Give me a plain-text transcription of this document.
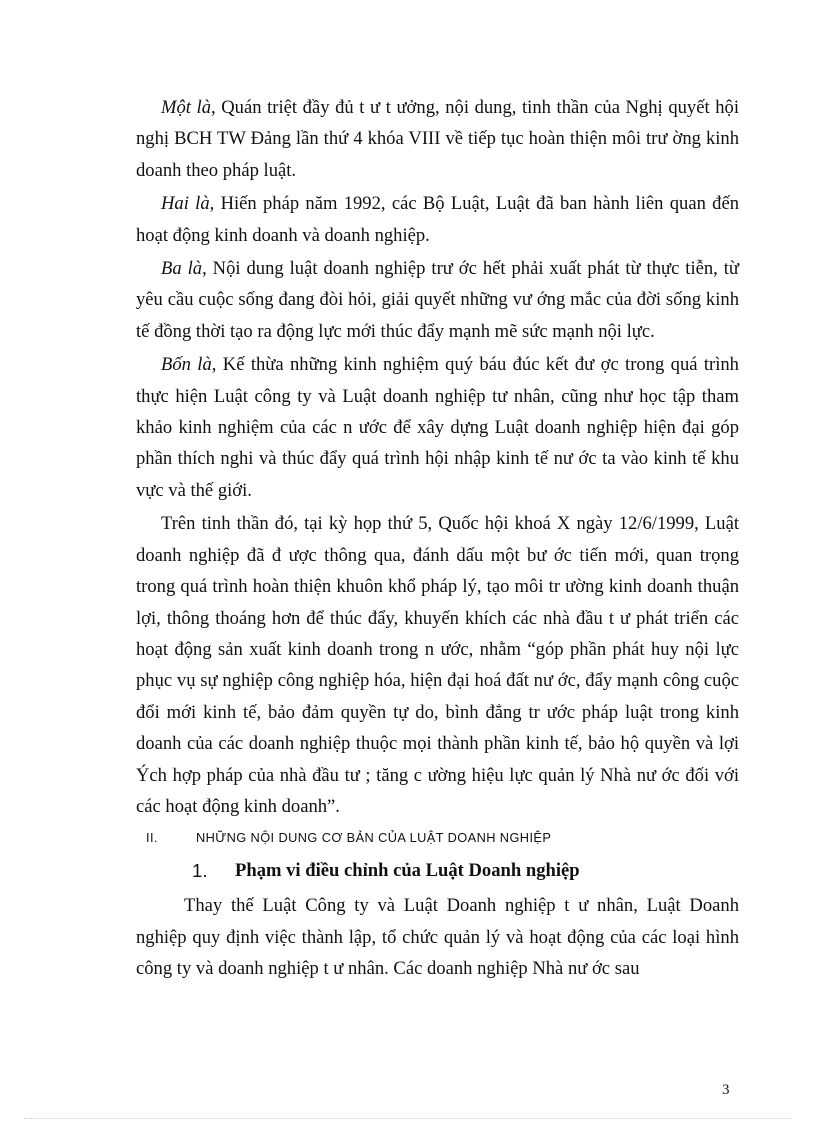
Một là, Quán triệt đầy đủ t ư t ưởng, nội dung, tinh thần của Nghị quyết hội nghị BCH TW Đảng lần thứ 4 khóa VIII về tiếp tục hoàn thiện môi trư ờng kinh doanh theo pháp luật.

Hai là, Hiến pháp năm 1992, các Bộ Luật, Luật đã ban hành liên quan đến hoạt động kinh doanh và doanh nghiệp.

Ba là, Nội dung luật doanh nghiệp trư ớc hết phải xuất phát từ thực tiễn, từ yêu cầu cuộc sống đang đòi hỏi, giải quyết những vư ớng mắc của đời sống kinh tế đồng thời tạo ra động lực mới thúc đẩy mạnh mẽ sức mạnh nội lực.

Bốn là, Kế thừa những kinh nghiệm quý báu đúc kết đư ợc trong quá trình thực hiện Luật công ty và Luật doanh nghiệp tư nhân, cũng như học tập tham khảo kinh nghiệm của các n ước để xây dựng Luật doanh nghiệp hiện đại góp phần thích nghi và thúc đẩy quá trình hội nhập kinh tế nư ớc ta vào kinh tế khu vực và thế giới.

Trên tinh thần đó, tại kỳ họp thứ 5, Quốc hội khoá X ngày 12/6/1999, Luật doanh nghiệp đã đ ược thông qua, đánh dấu một bư ớc tiến mới, quan trọng trong quá trình hoàn thiện khuôn khổ pháp lý, tạo môi tr ường kinh doanh thuận lợi, thông thoáng hơn để thúc đẩy, khuyến khích các nhà đầu t ư phát triển các hoạt động sản xuất kinh doanh trong n ước, nhằm “góp phần phát huy nội lực phục vụ sự nghiệp công nghiệp hóa, hiện đại hoá đất nư ớc, đẩy mạnh công cuộc đổi mới kinh tế, bảo đảm quyền tự do, bình đẳng tr ước pháp luật trong kinh doanh của các doanh nghiệp thuộc mọi thành phần kinh tế, bảo hộ quyền và lợi Ých hợp pháp của nhà đầu tư ; tăng c ường hiệu lực quản lý Nhà nư ớc đối với các hoạt động kinh doanh”.

II.	NHỮNG NỘI DUNG CƠ BẢN CỦA LUẬT DOANH NGHIỆP
1.	Phạm vi điều chỉnh của Luật Doanh nghiệp

Thay thế Luật Công ty và Luật Doanh nghiệp t ư nhân, Luật Doanh nghiệp quy định việc thành lập, tổ chức quản lý và hoạt động của các loại hình công ty và doanh nghiệp t ư nhân. Các doanh nghiệp Nhà nư ớc sau

3
